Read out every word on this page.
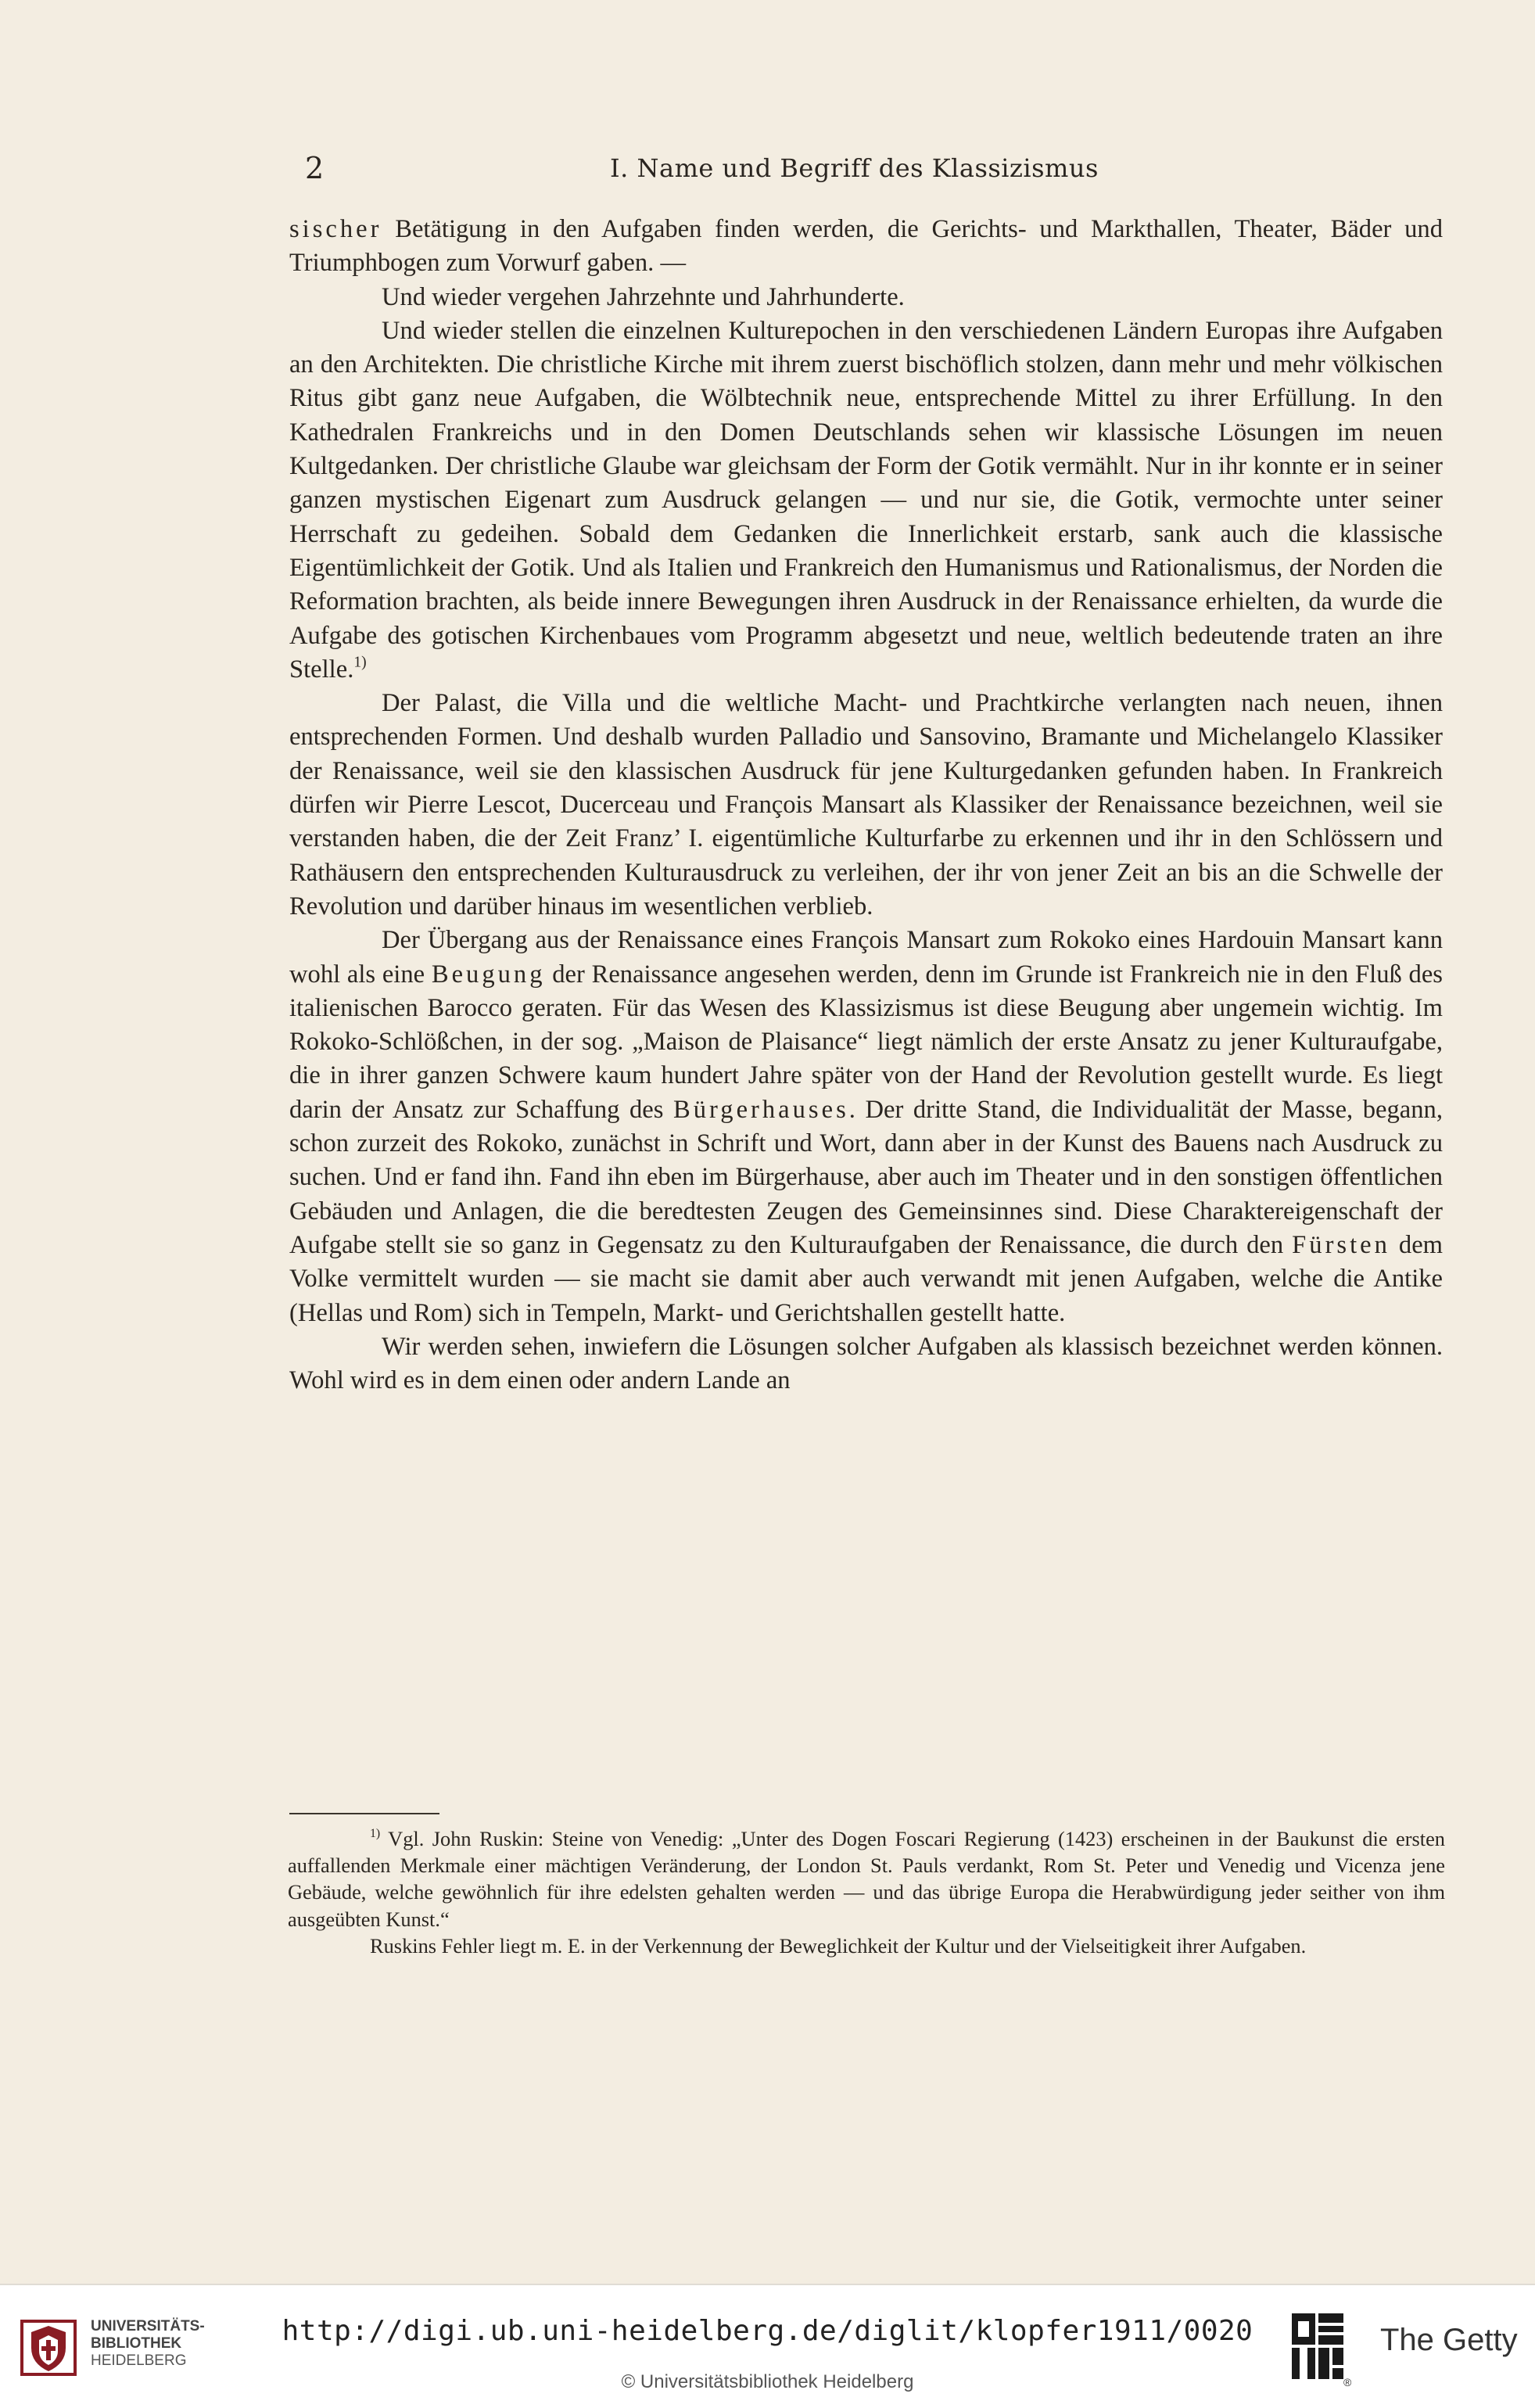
2	I. Name und Begriff des Klassizismus

sischer Betätigung in den Aufgaben finden werden, die Gerichts- und Markthallen, Theater, Bäder und Triumphbogen zum Vorwurf gaben. —

Und wieder vergehen Jahrzehnte und Jahrhunderte.

Und wieder stellen die einzelnen Kulturepochen in den verschiedenen Ländern Europas ihre Aufgaben an den Architekten. Die christliche Kirche mit ihrem zuerst bischöflich stolzen, dann mehr und mehr völkischen Ritus gibt ganz neue Aufgaben, die Wölbtechnik neue, entsprechende Mittel zu ihrer Erfüllung. In den Kathedralen Frankreichs und in den Domen Deutschlands sehen wir klassische Lösungen im neuen Kultgedanken. Der christliche Glaube war gleichsam der Form der Gotik vermählt. Nur in ihr konnte er in seiner ganzen mystischen Eigenart zum Ausdruck gelangen — und nur sie, die Gotik, vermochte unter seiner Herrschaft zu gedeihen. Sobald dem Gedanken die Innerlichkeit erstarb, sank auch die klassische Eigentümlichkeit der Gotik. Und als Italien und Frankreich den Humanismus und Rationalismus, der Norden die Reformation brachten, als beide innere Bewegungen ihren Ausdruck in der Renaissance erhielten, da wurde die Aufgabe des gotischen Kirchenbaues vom Programm abgesetzt und neue, weltlich bedeutende traten an ihre Stelle.$^{1)}$

Der Palast, die Villa und die weltliche Macht- und Prachtkirche verlangten nach neuen, ihnen entsprechenden Formen. Und deshalb wurden Palladio und Sansovino, Bramante und Michelangelo Klassiker der Renaissance, weil sie den klassischen Ausdruck für jene Kulturgedanken gefunden haben. In Frankreich dürfen wir Pierre Lescot, Ducerceau und François Mansart als Klassiker der Renaissance bezeichnen, weil sie verstanden haben, die der Zeit Franz’ I. eigentümliche Kulturfarbe zu erkennen und ihr in den Schlössern und Rathäusern den entsprechenden Kulturausdruck zu verleihen, der ihr von jener Zeit an bis an die Schwelle der Revolution und darüber hinaus im wesentlichen verblieb.

Der Übergang aus der Renaissance eines François Mansart zum Rokoko eines Hardouin Mansart kann wohl als eine Beugung der Renaissance angesehen werden, denn im Grunde ist Frankreich nie in den Fluß des italienischen Barocco geraten. Für das Wesen des Klassizismus ist diese Beugung aber ungemein wichtig. Im Rokoko-Schlößchen, in der sog. „Maison de Plaisance“ liegt nämlich der erste Ansatz zu jener Kulturaufgabe, die in ihrer ganzen Schwere kaum hundert Jahre später von der Hand der Revolution gestellt wurde. Es liegt darin der Ansatz zur Schaffung des Bürgerhauses. Der dritte Stand, die Individualität der Masse, begann, schon zurzeit des Rokoko, zunächst in Schrift und Wort, dann aber in der Kunst des Bauens nach Ausdruck zu suchen. Und er fand ihn. Fand ihn eben im Bürgerhause, aber auch im Theater und in den sonstigen öffentlichen Gebäuden und Anlagen, die die beredtesten Zeugen des Gemeinsinnes sind. Diese Charaktereigenschaft der Aufgabe stellt sie so ganz in Gegensatz zu den Kulturaufgaben der Renaissance, die durch den Fürsten dem Volke vermittelt wurden — sie macht sie damit aber auch verwandt mit jenen Aufgaben, welche die Antike (Hellas und Rom) sich in Tempeln, Markt- und Gerichtshallen gestellt hatte.

Wir werden sehen, inwiefern die Lösungen solcher Aufgaben als klassisch bezeichnet werden können. Wohl wird es in dem einen oder andern Lande an

$^{1)}$ Vgl. John Ruskin: Steine von Venedig: „Unter des Dogen Foscari Regierung (1423) erscheinen in der Baukunst die ersten auffallenden Merkmale einer mächtigen Veränderung, der London St. Pauls verdankt, Rom St. Peter und Venedig und Vicenza jene Gebäude, welche gewöhnlich für ihre edelsten gehalten werden — und das übrige Europa die Herabwürdigung jeder seither von ihm ausgeübten Kunst.“

Ruskins Fehler liegt m. E. in der Verkennung der Beweglichkeit der Kultur und der Vielseitigkeit ihrer Aufgaben.

UNIVERSITÄTS-
BIBLIOTHEK
HEIDELBERG
http://digi.ub.uni-heidelberg.de/diglit/klopfer1911/0020
© Universitätsbibliothek Heidelberg	®
The Getty
